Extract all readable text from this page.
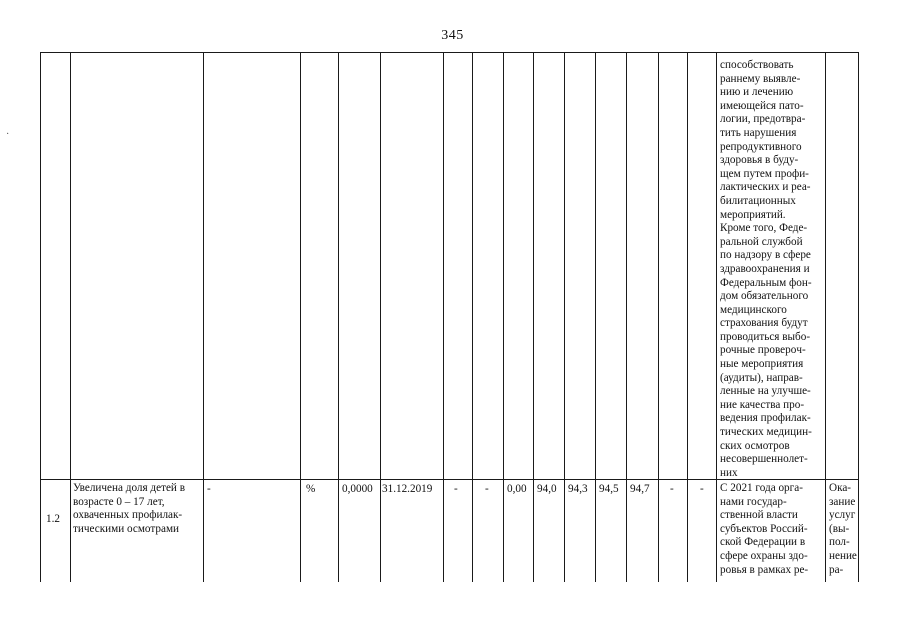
345
·
способствовать
раннему выявле-
нию и лечению
имеющейся пато-
логии, предотвра-
тить нарушения
репродуктивного
здоровья в буду-
щем путем профи-
лактических и реа-
билитационных
мероприятий.
Кроме того, Феде-
ральной службой
по надзору в сфере
здравоохранения и
Федеральным фон-
дом обязательного
медицинского
страхования будут
проводиться выбо-
рочные проверoч-
ные мероприятия
(аудиты), направ-
ленные на улучше-
ние качества про-
ведения профилак-
тических медицин-
ских осмотров
несовершеннолет-
них
1.2
Увеличена доля детей в
возрасте 0 – 17 лет,
охваченных профилак-
тическими осмотрами
-	% 0,0000 31.12.2019 - - 0,00 94,0 94,3 94,5 94,7 - - С 2021 года орга-
нами государ-
ственной власти
субъектов Россий-
ской Федерации в
сфере охраны здо-
ровья в рамках ре-
Ока-
зание
услуг
(вы-
пол-
нение
ра-
